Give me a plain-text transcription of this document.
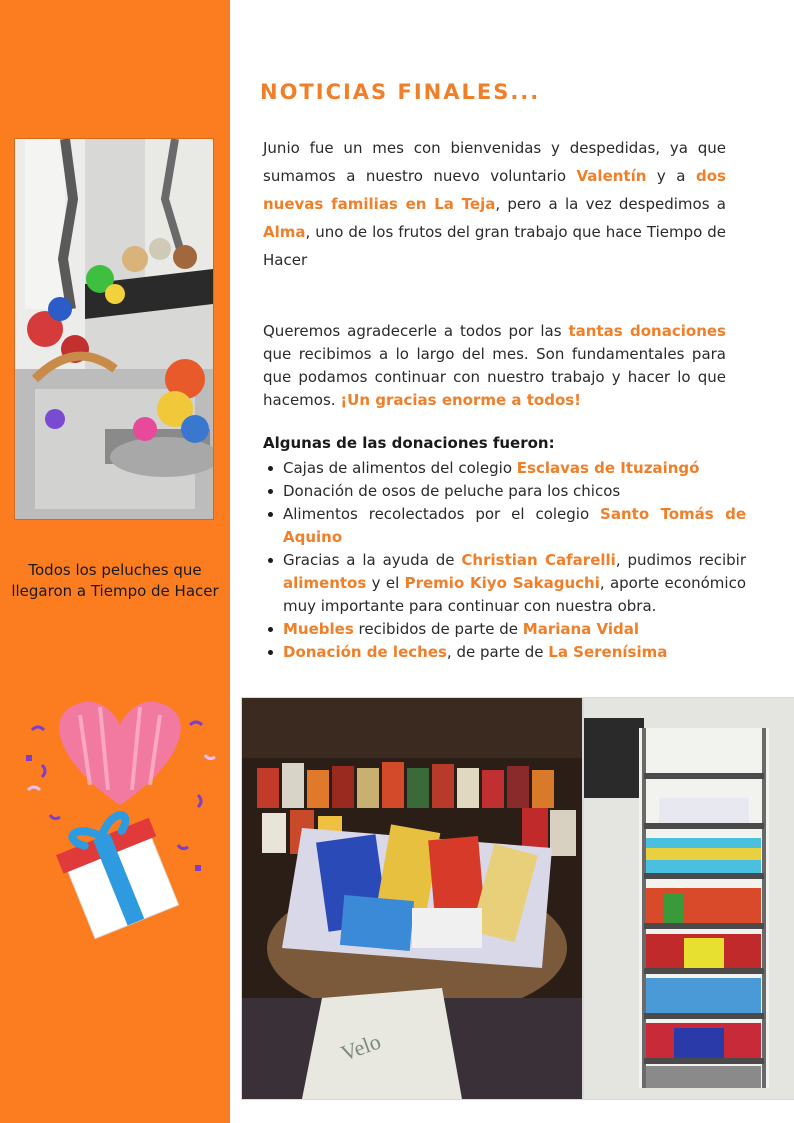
Todos los peluches que llegaron a Tiempo de Hacer
NOTICIAS FINALES...

Junio fue un mes con bienvenidas y despedidas, ya que sumamos a nuestro nuevo voluntario Valentín y a dos nuevas familias en La Teja, pero a la vez despedimos a Alma, uno de los frutos del gran trabajo que hace Tiempo de Hacer

Queremos agradecerle a todos por las tantas donaciones que recibimos a lo largo del mes. Son fundamentales para que podamos continuar con nuestro trabajo y hacer lo que hacemos. ¡Un gracias enorme a todos!

Algunas de las donaciones fueron:

Cajas de alimentos del colegio Esclavas de Ituzaingó
Donación de osos de peluche para los chicos
Alimentos recolectados por el colegio Santo Tomás de Aquino
Gracias a la ayuda de Christian Cafarelli, pudimos recibir alimentos y el Premio Kiyo Sakaguchi, aporte económico muy importante para continuar con nuestra obra.
Muebles recibidos de parte de Mariana Vidal
Donación de leches, de parte de La Serenísima
Velo
